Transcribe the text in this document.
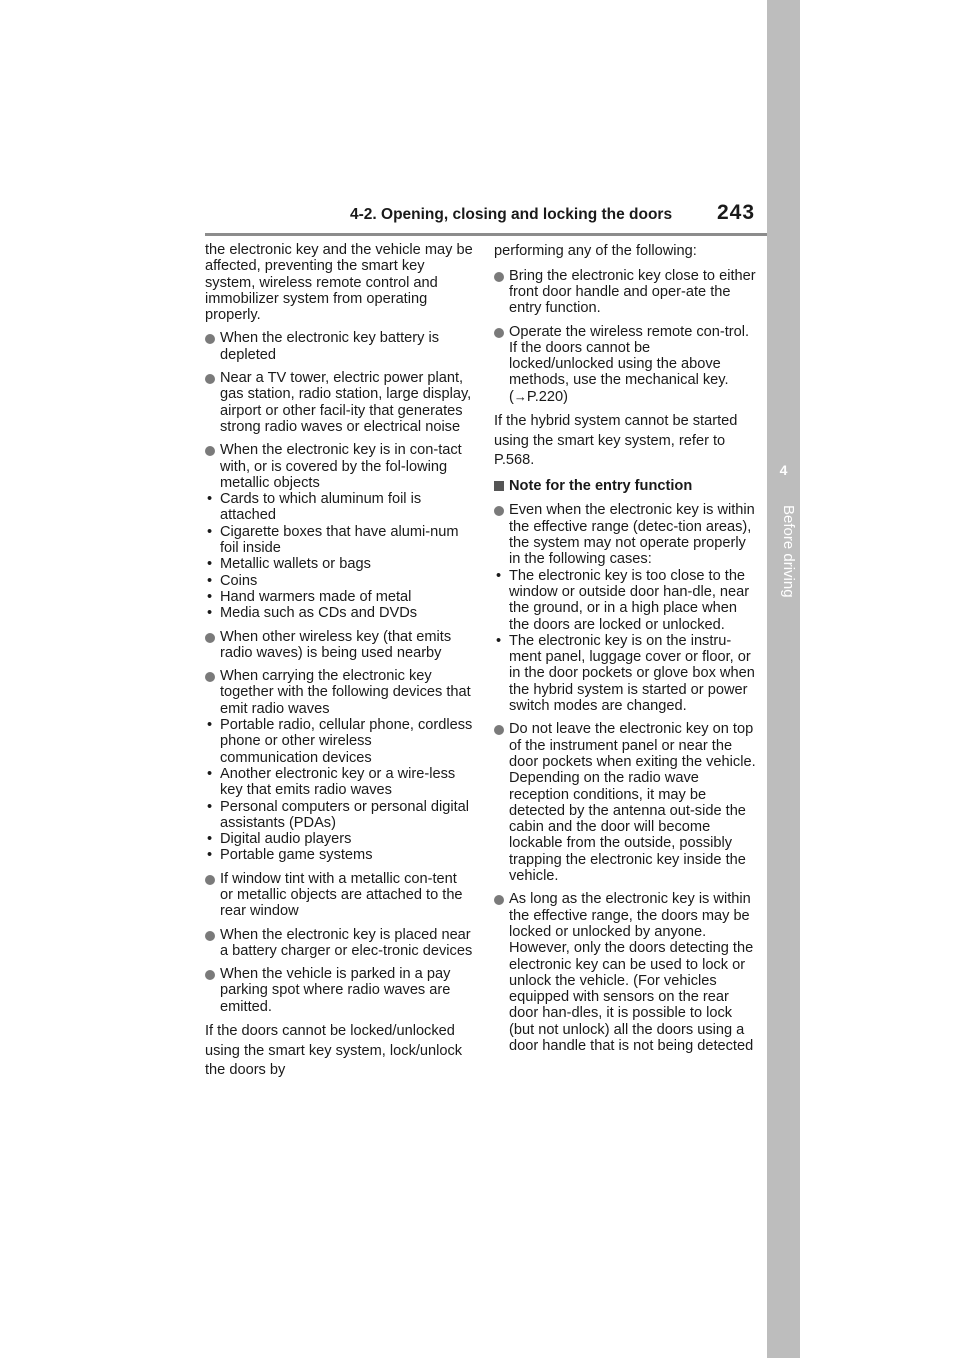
4-2. Opening, closing and locking the doors 243
4
Before driving

the electronic key and the vehicle may be affected, preventing the smart key system, wireless remote control and immobilizer system from operating properly.

When the electronic key battery is depleted
Near a TV tower, electric power plant, gas station, radio station, large display, airport or other facil-ity that generates strong radio waves or electrical noise
When the electronic key is in con-tact with, or is covered by the fol-lowing metallic objects

• Cards to which aluminum foil is attached

• Cigarette boxes that have alumi-num foil inside

• Metallic wallets or bags

• Coins

• Hand warmers made of metal

• Media such as CDs and DVDs

When other wireless key (that emits radio waves) is being used nearby
When carrying the electronic key together with the following devices that emit radio waves

• Portable radio, cellular phone, cordless phone or other wireless communication devices

• Another electronic key or a wire-less key that emits radio waves

• Personal computers or personal digital assistants (PDAs)

• Digital audio players

• Portable game systems

If window tint with a metallic con-tent or metallic objects are attached to the rear window
When the electronic key is placed near a battery charger or elec-tronic devices
When the vehicle is parked in a pay parking spot where radio waves are emitted.

If the doors cannot be locked/unlocked using the smart key system, lock/unlock the doors by

performing any of the following:

Bring the electronic key close to either front door handle and oper-ate the entry function.
Operate the wireless remote con-trol. If the doors cannot be locked/unlocked using the above methods, use the mechanical key.
(→P.220)

If the hybrid system cannot be started using the smart key system, refer to P.568.

Note for the entry function

Even when the electronic key is within the effective range (detec-tion areas), the system may not operate properly in the following cases:

• The electronic key is too close to the window or outside door han-dle, near the ground, or in a high place when the doors are locked or unlocked.

• The electronic key is on the instru-ment panel, luggage cover or floor, or in the door pockets or glove box when the hybrid system is started or power switch modes are changed.

Do not leave the electronic key on top of the instrument panel or near the door pockets when exiting the vehicle. Depending on the radio wave reception conditions, it may be detected by the antenna out-side the cabin and the door will become lockable from the outside, possibly trapping the electronic key inside the vehicle.
As long as the electronic key is within the effective range, the doors may be locked or unlocked by anyone. However, only the doors detecting the electronic key can be used to lock or unlock the vehicle. (For vehicles equipped with sensors on the rear door han-dles, it is possible to lock (but not unlock) all the doors using a door handle that is not being detected
